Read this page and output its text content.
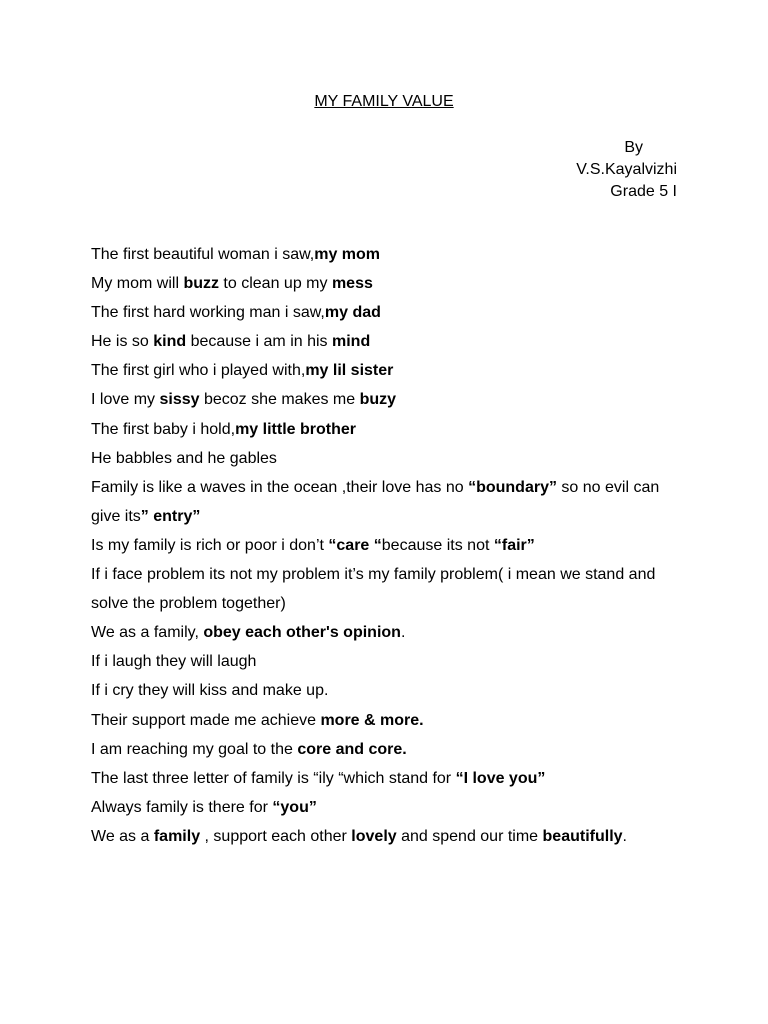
MY FAMILY VALUE
By
V.S.Kayalvizhi
Grade 5 I
The first beautiful woman i saw,my mom
My mom will buzz to clean up my mess
The first hard working man i saw,my dad
He is so kind because i am in his mind
The first girl who i played with,my lil sister
I love my sissy becoz she makes me buzy
The first baby i hold,my little brother
He babbles and he gables
Family is like a waves in the ocean ,their love has no “boundary” so no evil can
give its” entry”
Is my family is rich or poor i don’t “care “because its not “fair”
If i face problem its not my problem it’s my family problem( i mean we stand and
solve the problem together)
We as a family, obey each other's opinion.
If i laugh they will laugh
If i cry they will kiss and make up.
Their support made me achieve more & more.
I am reaching my goal to the core and core.
The last three letter of family is “ily “which stand for “I love you”
Always family is there for “you”
We as a family , support each other lovely and spend our time beautifully.
